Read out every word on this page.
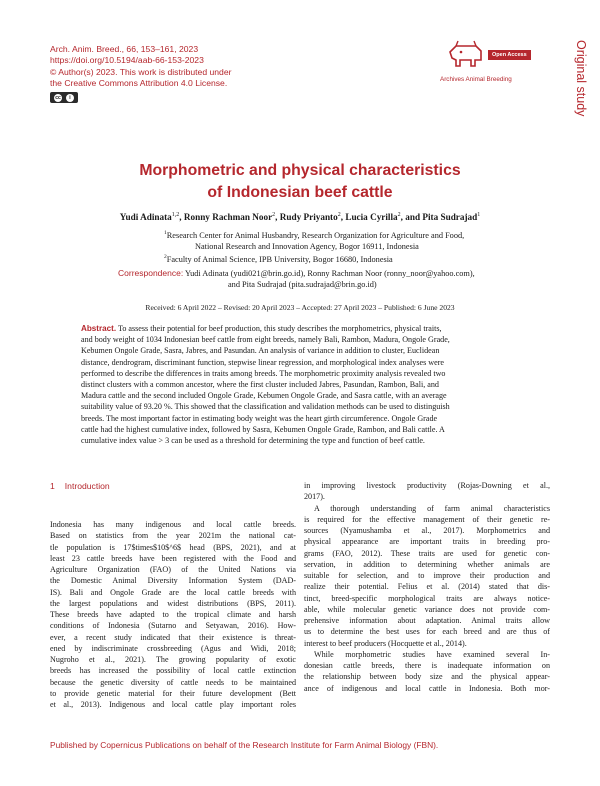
Arch. Anim. Breed., 66, 153–161, 2023
https://doi.org/10.5194/aab-66-153-2023
© Author(s) 2023. This work is distributed under
the Creative Commons Attribution 4.0 License.
cc	i
Open Access
Archives Animal Breeding	Original study
Morphometric and physical characteristics
of Indonesian beef cattle
Yudi Adinata$^{1,2}$, Ronny Rachman Noor$^2$, Rudy Priyanto$^2$, Lucia Cyrilla$^2$, and Pita Sudrajad$^1$
$^1$Research Center for Animal Husbandry, Research Organization for Agriculture and Food,
National Research and Innovation Agency, Bogor 16911, Indonesia
$^2$Faculty of Animal Science, IPB University, Bogor 16680, Indonesia
Correspondence: Yudi Adinata (yudi021@brin.go.id), Ronny Rachman Noor (ronny_noor@yahoo.com),
and Pita Sudrajad (pita.sudrajad@brin.go.id)
Received: 6 April 2022 – Revised: 20 April 2023 – Accepted: 27 April 2023 – Published: 6 June 2023
Abstract. To assess their potential for beef production, this study describes the morphometrics, physical traits,
and body weight of 1034 Indonesian beef cattle from eight breeds, namely Bali, Rambon, Madura, Ongole Grade,
Kebumen Ongole Grade, Sasra, Jabres, and Pasundan. An analysis of variance in addition to cluster, Euclidean
distance, dendrogram, discriminant function, stepwise linear regression, and morphological index analyses were
performed to describe the differences in traits among breeds. The morphometric proximity analysis revealed two
distinct clusters with a common ancestor, where the first cluster included Jabres, Pasundan, Rambon, Bali, and
Madura cattle and the second included Ongole Grade, Kebumen Ongole Grade, and Sasra cattle, with an average
suitability value of 93.20 %. This showed that the classification and validation methods can be used to distinguish
breeds. The most important factor in estimating body weight was the heart girth circumference. Ongole Grade
cattle had the highest cumulative index, followed by Sasra, Kebumen Ongole Grade, Rambon, and Bali cattle. A
cumulative index value > 3 can be used as a threshold for determining the type and function of beef cattle.
1 Introduction
Indonesia has many indigenous and local cattle breeds.
Based on statistics from the year 2021m the national cat-
tle population is 17$times$10$^6$ head (BPS, 2021), and at
least 23 cattle breeds have been registered with the Food and
Agriculture Organization (FAO) of the United Nations via
the Domestic Animal Diversity Information System (DAD-
IS). Bali and Ongole Grade are the local cattle breeds with
the largest populations and widest distributions (BPS, 2011).
These breeds have adapted to the tropical climate and harsh
conditions of Indonesia (Sutarno and Setyawan, 2016). How-
ever, a recent study indicated that their existence is threat-
ened by indiscriminate crossbreeding (Agus and Widi, 2018;
Nugroho et al., 2021). The growing popularity of exotic
breeds has increased the possibility of local cattle extinction
because the genetic diversity of cattle needs to be maintained
to provide genetic material for their future development (Bett
et al., 2013). Indigenous and local cattle play important roles
in improving livestock productivity (Rojas-Downing et al.,
2017).
A thorough understanding of farm animal characteristics
is required for the effective management of their genetic re-
sources (Nyamushamba et al., 2017). Morphometrics and
physical appearance are important traits in breeding pro-
grams (FAO, 2012). These traits are used for genetic con-
servation, in addition to determining whether animals are
suitable for selection, and to improve their production and
realize their potential. Felius et al. (2014) stated that dis-
tinct, breed-specific morphological traits are always notice-
able, while molecular genetic variance does not provide com-
prehensive information about adaptation. Animal traits allow
us to determine the best uses for each breed and are thus of
interest to beef producers (Hocquette et al., 2014).
While morphometric studies have examined several In-
donesian cattle breeds, there is inadequate information on
the relationship between body size and the physical appear-
ance of indigenous and local cattle in Indonesia. Both mor-
Published by Copernicus Publications on behalf of the Research Institute for Farm Animal Biology (FBN).
